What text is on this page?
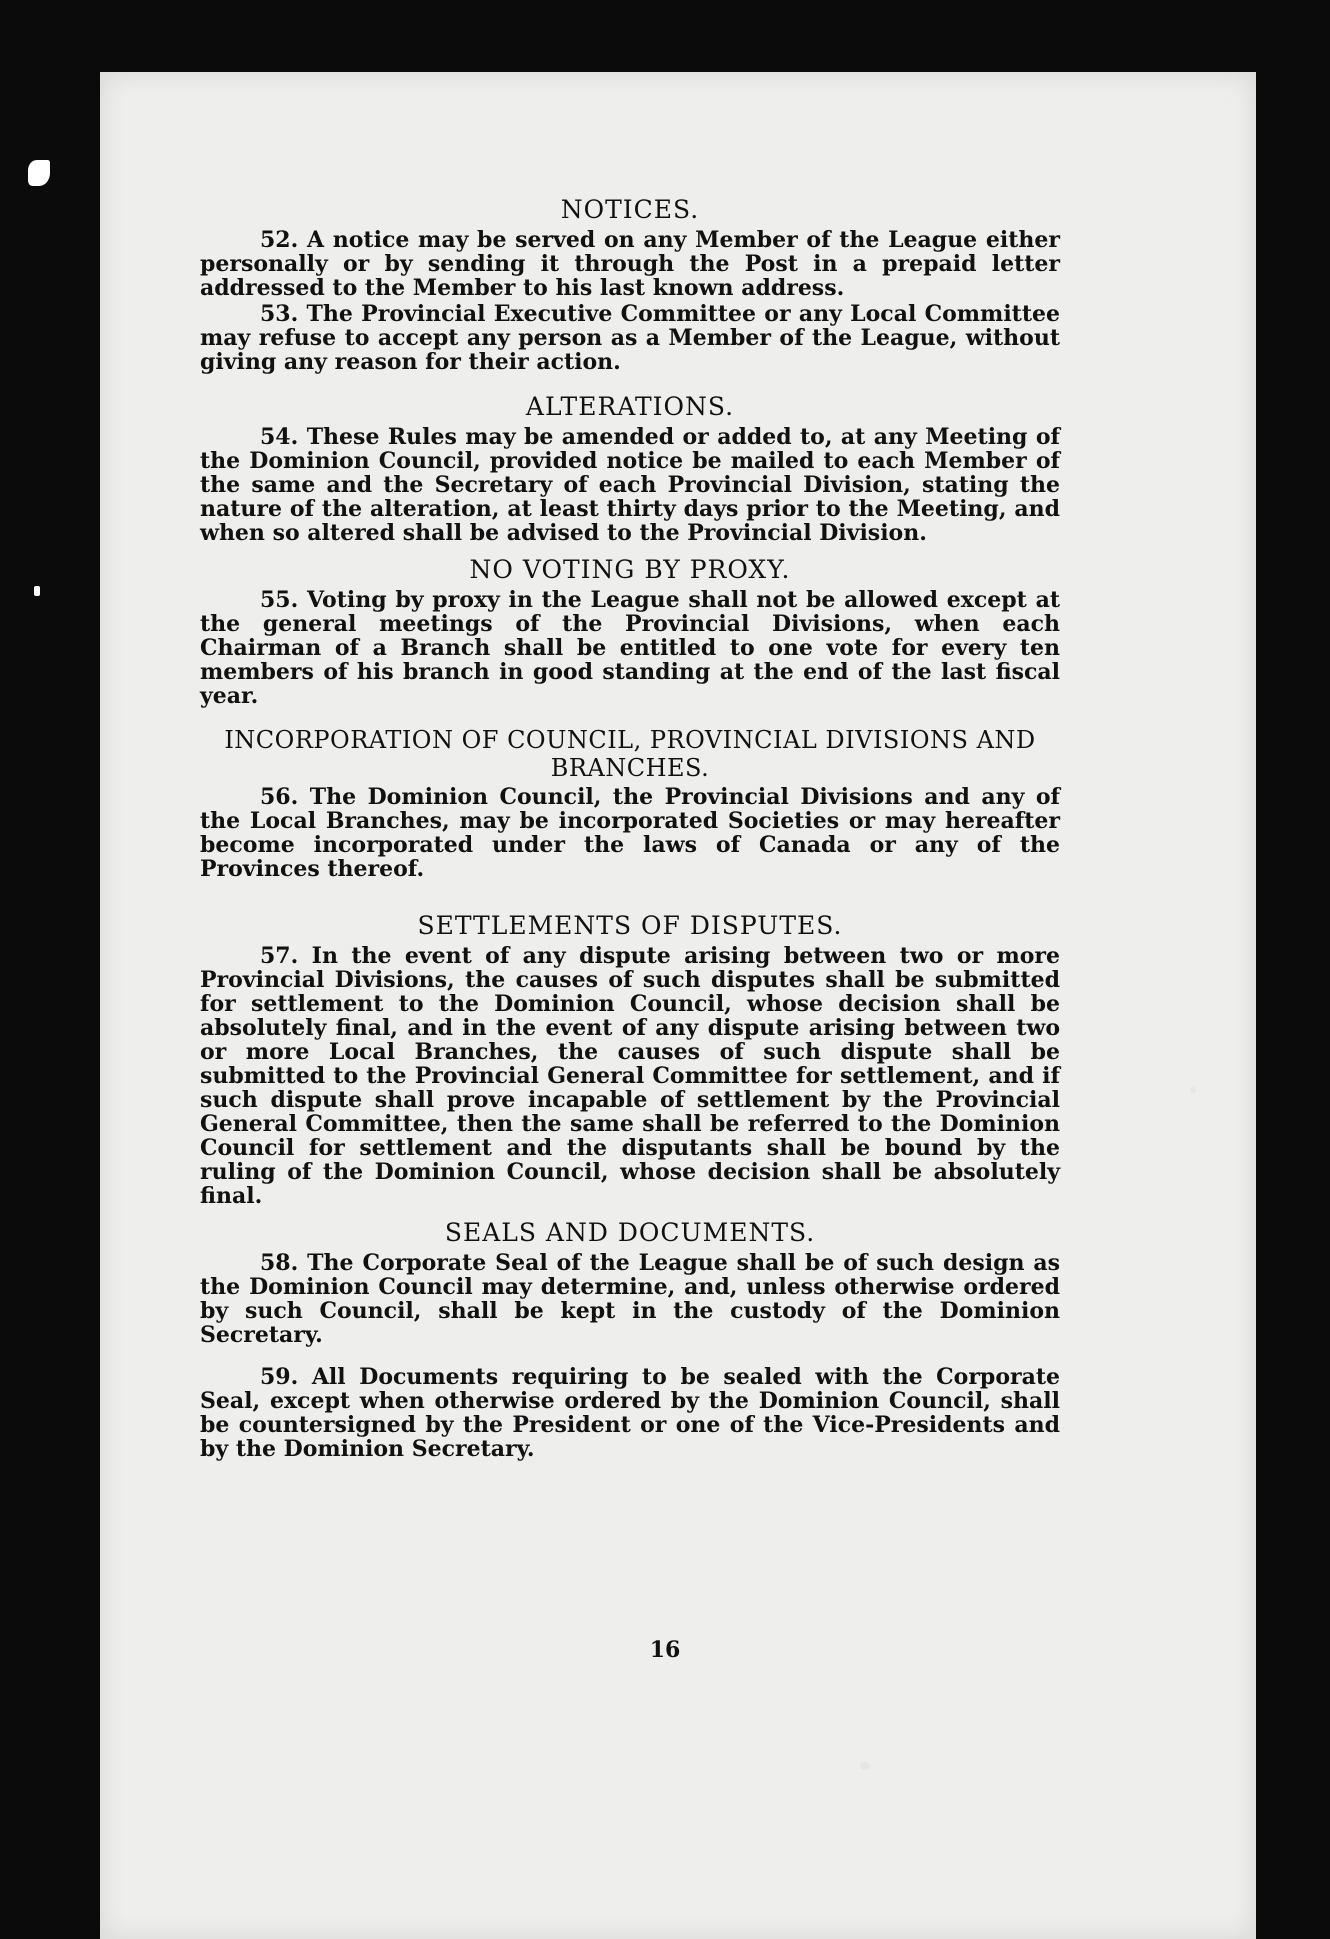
NOTICES.

52. A notice may be served on any Member of the League either personally or by sending it through the Post in a prepaid letter addressed to the Member to his last known address.

53. The Provincial Executive Committee or any Local Committee may refuse to accept any person as a Member of the League, without giving any reason for their action.

ALTERATIONS.

54. These Rules may be amended or added to, at any Meeting of the Dominion Council, provided notice be mailed to each Member of the same and the Secretary of each Provincial Division, stating the nature of the alteration, at least thirty days prior to the Meeting, and when so altered shall be advised to the Provincial Division.

NO VOTING BY PROXY.

55. Voting by proxy in the League shall not be allowed except at the general meetings of the Provincial Divisions, when each Chairman of a Branch shall be entitled to one vote for every ten members of his branch in good standing at the end of the last fiscal year.

INCORPORATION OF COUNCIL, PROVINCIAL DIVISIONS AND BRANCHES.

56. The Dominion Council, the Provincial Divisions and any of the Local Branches, may be incorporated Societies or may hereafter become incorporated under the laws of Canada or any of the Provinces thereof.

SETTLEMENTS OF DISPUTES.

57. In the event of any dispute arising between two or more Provincial Divisions, the causes of such disputes shall be submitted for settlement to the Dominion Council, whose decision shall be absolutely final, and in the event of any dispute arising between two or more Local Branches, the causes of such dispute shall be submitted to the Provincial General Committee for settlement, and if such dispute shall prove incapable of settlement by the Provincial General Committee, then the same shall be referred to the Dominion Council for settlement and the disputants shall be bound by the ruling of the Dominion Council, whose decision shall be absolutely final.

SEALS AND DOCUMENTS.

58. The Corporate Seal of the League shall be of such design as the Dominion Council may determine, and, unless otherwise ordered by such Council, shall be kept in the custody of the Dominion Secretary.

59. All Documents requiring to be sealed with the Corporate Seal, except when otherwise ordered by the Dominion Council, shall be countersigned by the President or one of the Vice-Presidents and by the Dominion Secretary.

16
